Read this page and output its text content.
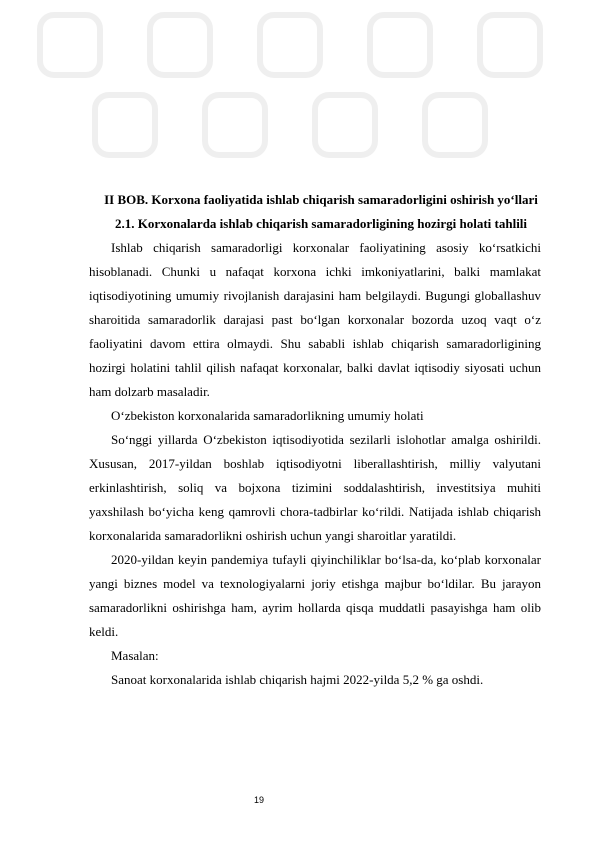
II BOB. Korxona faoliyatida ishlab chiqarish samaradorligini oshirish yo‘llari

2.1. Korxonalarda ishlab chiqarish samaradorligining hozirgi holati tahlili

Ishlab chiqarish samaradorligi korxonalar faoliyatining asosiy ko‘rsatkichi hisoblanadi. Chunki u nafaqat korxona ichki imkoniyatlarini, balki mamlakat iqtisodiyotining umumiy rivojlanish darajasini ham belgilaydi. Bugungi globallashuv sharoitida samaradorlik darajasi past bo‘lgan korxonalar bozorda uzoq vaqt o‘z faoliyatini davom ettira olmaydi. Shu sababli ishlab chiqarish samaradorligining hozirgi holatini tahlil qilish nafaqat korxonalar, balki davlat iqtisodiy siyosati uchun ham dolzarb masaladir.

O‘zbekiston korxonalarida samaradorlikning umumiy holati

So‘nggi yillarda O‘zbekiston iqtisodiyotida sezilarli islohotlar amalga oshirildi. Xususan, 2017-yildan boshlab iqtisodiyotni liberallashtirish, milliy valyutani erkinlashtirish, soliq va bojxona tizimini soddalashtirish, investitsiya muhiti yaxshilash bo‘yicha keng qamrovli chora-tadbirlar ko‘rildi. Natijada ishlab chiqarish korxonalarida samaradorlikni oshirish uchun yangi sharoitlar yaratildi.

2020-yildan keyin pandemiya tufayli qiyinchiliklar bo‘lsa-da, ko‘plab korxonalar yangi biznes model va texnologiyalarni joriy etishga majbur bo‘ldilar. Bu jarayon samaradorlikni oshirishga ham, ayrim hollarda qisqa muddatli pasayishga ham olib keldi.

Masalan:

Sanoat korxonalarida ishlab chiqarish hajmi 2022-yilda 5,2 % ga oshdi.

19
